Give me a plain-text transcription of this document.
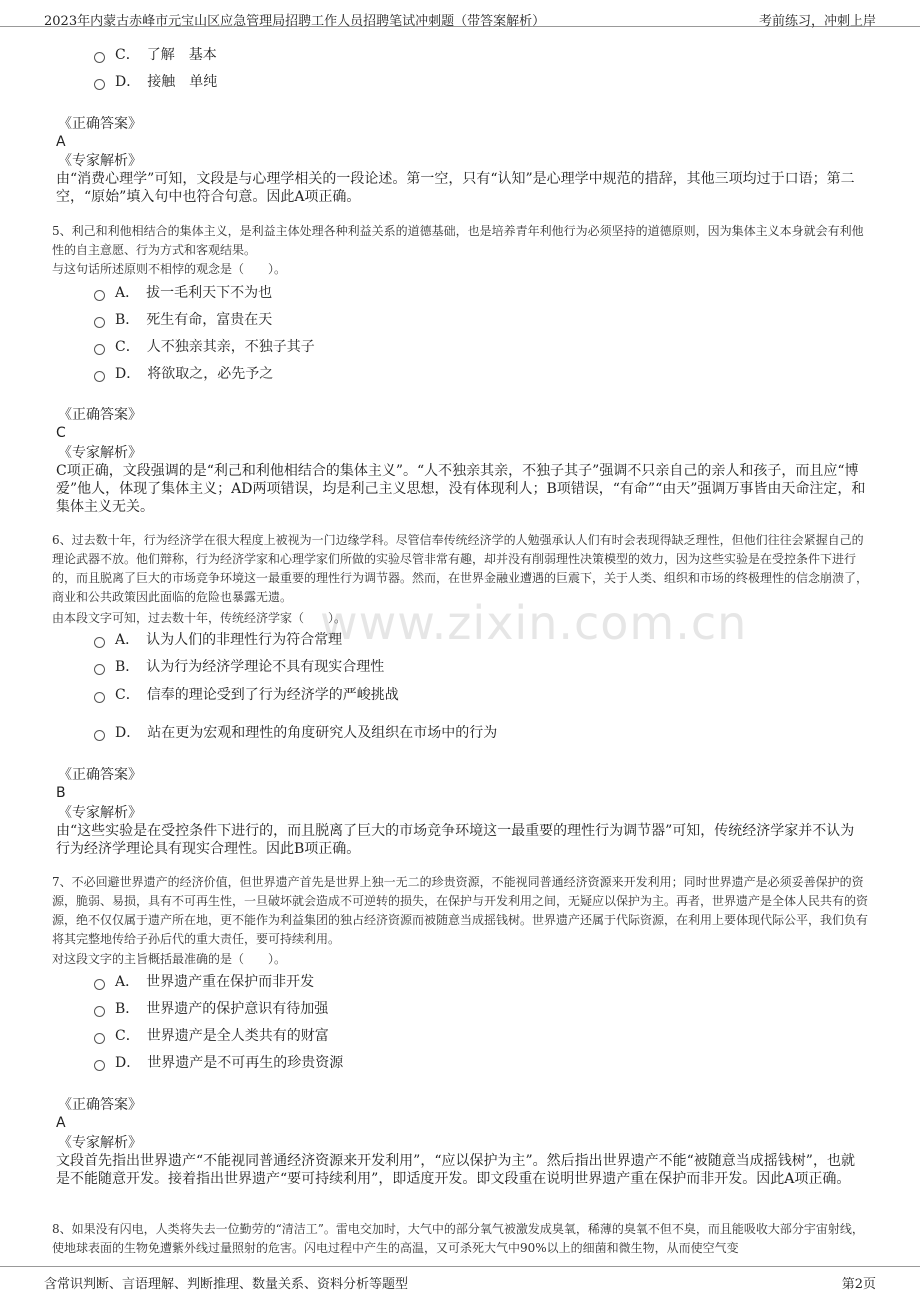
2023年内蒙古赤峰市元宝山区应急管理局招聘工作人员招聘笔试冲刺题（带答案解析）	考前练习，冲刺上岸
www.zixin.com.cn
C．　 了解　基本
D．　 接触　单纯
《正确答案》
A
《专家解析》
由“消费心理学”可知，文段是与心理学相关的一段论述。第一空，只有“认知”是心理学中规范的措辞，其他三项均过于口语；第二空，“原始”填入句中也符合句意。因此A项正确。
5、利己和利他相结合的集体主义，是利益主体处理各种利益关系的道德基础，也是培养青年利他行为必须坚持的道德原则，因为集体主义本身就会有利他性的自主意愿、行为方式和客观结果。
与这句话所述原则不相悖的观念是（　　）。
A．　 拔一毛利天下不为也
B．　 死生有命，富贵在天
C．　 人不独亲其亲，不独子其子
D．　 将欲取之，必先予之
《正确答案》
C
《专家解析》
C项正确，文段强调的是“利己和利他相结合的集体主义”。“人不独亲其亲，不独子其子”强调不只亲自己的亲人和孩子，而且应“博爱”他人，体现了集体主义；AD两项错误，均是利己主义思想，没有体现利人；B项错误，“有命”“由天”强调万事皆由天命注定，和集体主义无关。
6、过去数十年，行为经济学在很大程度上被视为一门边缘学科。尽管信奉传统经济学的人勉强承认人们有时会表现得缺乏理性，但他们往往会紧握自己的理论武器不放。他们辩称，行为经济学家和心理学家们所做的实验尽管非常有趣，却并没有削弱理性决策模型的效力，因为这些实验是在受控条件下进行的，而且脱离了巨大的市场竞争环境这一最重要的理性行为调节器。然而，在世界金融业遭遇的巨震下，关于人类、组织和市场的终极理性的信念崩溃了，商业和公共政策因此面临的危险也暴露无遗。
由本段文字可知，过去数十年，传统经济学家（　　）。
A．　 认为人们的非理性行为符合常理
B．　 认为行为经济学理论不具有现实合理性
C．　 信奉的理论受到了行为经济学的严峻挑战
D．　 站在更为宏观和理性的角度研究人及组织在市场中的行为
《正确答案》
B
《专家解析》
由“这些实验是在受控条件下进行的，而且脱离了巨大的市场竞争环境这一最重要的理性行为调节器”可知，传统经济学家并不认为行为经济学理论具有现实合理性。因此B项正确。
7、不必回避世界遗产的经济价值，但世界遗产首先是世界上独一无二的珍贵资源，不能视同普通经济资源来开发利用；同时世界遗产是必须妥善保护的资源，脆弱、易损，具有不可再生性，一旦破坏就会造成不可逆转的损失，在保护与开发利用之间，无疑应以保护为主。再者，世界遗产是全体人民共有的资源，绝不仅仅属于遗产所在地，更不能作为利益集团的独占经济资源而被随意当成摇钱树。世界遗产还属于代际资源，在利用上要体现代际公平，我们负有将其完整地传给子孙后代的重大责任，要可持续利用。
对这段文字的主旨概括最准确的是（　　）。
A．　 世界遗产重在保护而非开发
B．　 世界遗产的保护意识有待加强
C．　 世界遗产是全人类共有的财富
D．　 世界遗产是不可再生的珍贵资源
《正确答案》
A
《专家解析》
文段首先指出世界遗产“不能视同普通经济资源来开发利用”，“应以保护为主”。然后指出世界遗产不能“被随意当成摇钱树”，也就是不能随意开发。接着指出世界遗产“要可持续利用”，即适度开发。即文段重在说明世界遗产重在保护而非开发。因此A项正确。
8、如果没有闪电，人类将失去一位勤劳的“清洁工”。雷电交加时，大气中的部分氧气被激发成臭氧，稀薄的臭氧不但不臭，而且能吸收大部分宇宙射线，使地球表面的生物免遭紫外线过量照射的危害。闪电过程中产生的高温，又可杀死大气中90%以上的细菌和微生物，从而使空气变
含常识判断、言语理解、判断推理、数量关系、资料分析等题型	第2页
